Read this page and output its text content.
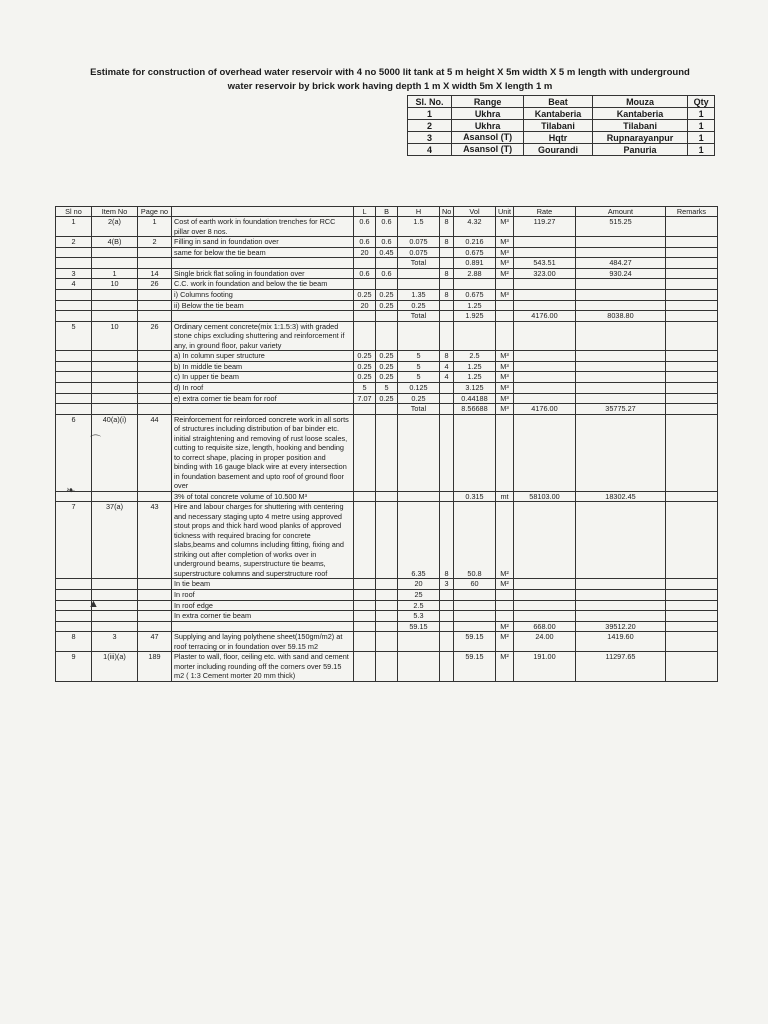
Estimate for construction of overhead water reservoir with 4 no 5000 lit tank at 5 m height X 5m width X 5 m length with underground
water reservoir by brick work having depth 1 m X width 5m X length 1 m
Sl. No.	Range	Beat	Mouza	Qty
1	Ukhra	Kantaberia	Kantaberia	1
2	Ukhra	Tilabani	Tilabani	1
3	Asansol (T)	Hqtr	Rupnarayanpur	1
4	Asansol (T)	Gourandi	Panuria	1
Sl no	Item No	Page no		L	B	H	No	Vol	Unit	Rate	Amount	Remarks
1	2(a)	1	Cost of earth work in foundation trenches for RCC pillar over 8 nos.	0.6	0.6	1.5	8	4.32	M³	119.27	515.25	
2	4(B)	2	Filling in sand in foundation over	0.6	0.6	0.075	8	0.216	M³			
			same for below the tie beam	20	0.45	0.075		0.675	M³			
						Total		0.891	M³	543.51	484.27	
3	1	14	Single brick flat soling in foundation over	0.6	0.6		8	2.88	M²	323.00	930.24	
4	10	26	C.C. work in foundation and below the tie beam									
			i) Columns footing	0.25	0.25	1.35	8	0.675	M³			
			ii) Below the tie beam	20	0.25	0.25		1.25				
						Total		1.925		4176.00	8038.80	
5	10	26	Ordinary cement concrete(mix 1:1.5:3) with graded stone chips excluding shuttering and reinforcement if any, in ground floor, pakur variety									
			a) In column super structure	0.25	0.25	5	8	2.5	M³			
			b) In middle tie beam	0.25	0.25	5	4	1.25	M³			
			c) In upper tie beam	0.25	0.25	5	4	1.25	M³			
			d) In roof	5	5	0.125		3.125	M³			
			e) extra corner tie beam for roof	7.07	0.25	0.25		0.44188	M³			
						Total		8.56688	M³	4176.00	35775.27	
6	40(a)(i)	44	Reinforcement for reinforced concrete work in all sorts of structures including distribution of bar binder etc. initial straightening and removing of rust loose scales, cutting to requisite size, length, hooking and bending to correct shape, placing in proper position and binding with 16 gauge black wire at every intersection in foundation basement and upto roof of ground floor over									
			3% of total concrete volume of 10.500 M³					0.315	mt	58103.00	18302.45	
7	37(a)	43	Hire and labour charges for shuttering with centering and necessary staging upto 4 metre using approved stout props and thick hard wood planks of approved tickness with required bracing for concrete slabs,beams and columns including fitting, fixing and striking out after completion of works over in underground beams, superstructure tie beams, superstructure columns and superstructure roof			6.35	8	50.8	M²			
			In tie beam			20	3	60	M²			
			In roof			25						
			In roof edge			2.5						
			In extra corner tie beam			5.3						
						59.15			M²	668.00	39512.20	
8	3	47	Supplying and laying polythene sheet(150gm/m2) at roof terracing or in foundation over 59.15 m2					59.15	M²	24.00	1419.60	
9	1(iii)(a)	189	Plaster to wall, floor, ceiling etc. with sand and cement morter including rounding off the corners over 59.15 m2 ( 1:3 Cement morter 20 mm thick)					59.15	M²	191.00	11297.65	
⌒
❧
▲
